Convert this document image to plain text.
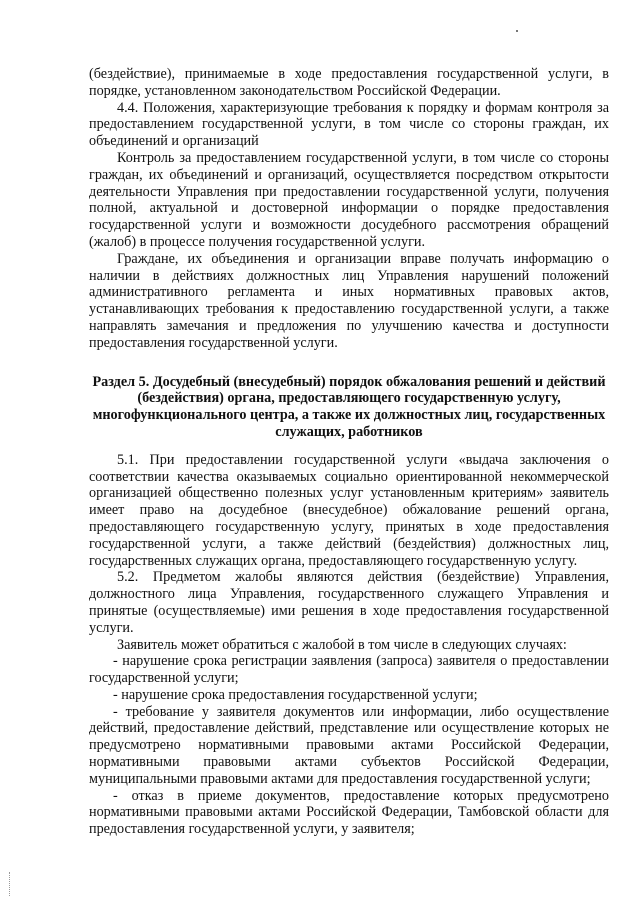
(бездействие), принимаемые в ходе предоставления государственной услуги, в порядке, установленном законодательством Российской Федерации.

4.4. Положения, характеризующие требования к порядку и формам контроля за предоставлением государственной услуги, в том числе со стороны граждан, их объединений и организаций

Контроль за предоставлением государственной услуги, в том числе со стороны граждан, их объединений и организаций, осуществляется посредством открытости деятельности Управления при предоставлении государственной услуги, получения полной, актуальной и достоверной информации о порядке предоставления государственной услуги и возможности досудебного рассмотрения обращений (жалоб) в процессе получения государственной услуги.

Граждане, их объединения и организации вправе получать информацию о наличии в действиях должностных лиц Управления нарушений положений административного регламента и иных нормативных правовых актов, устанавливающих требования к предоставлению государственной услуги, а также направлять замечания и предложения по улучшению качества и доступности предоставления государственной услуги.

Раздел 5. Досудебный (внесудебный) порядок обжалования решений и действий (бездействия) органа, предоставляющего государственную услугу, многофункционального центра, а также их должностных лиц, государственных служащих, работников

5.1. При предоставлении государственной услуги «выдача заключения о соответствии качества оказываемых социально ориентированной некоммерческой организацией общественно полезных услуг установленным критериям» заявитель имеет право на досудебное (внесудебное) обжалование решений органа, предоставляющего государственную услугу, принятых в ходе предоставления государственной услуги, а также действий (бездействия) должностных лиц, государственных служащих органа, предоставляющего государственную услугу.

5.2. Предметом жалобы являются действия (бездействие) Управления, должностного лица Управления, государственного служащего Управления и принятые (осуществляемые) ими решения в ходе предоставления государственной услуги.

Заявитель может обратиться с жалобой в том числе в следующих случаях:

- нарушение срока регистрации заявления (запроса) заявителя о предоставлении государственной услуги;

- нарушение срока предоставления государственной услуги;

- требование у заявителя документов или информации, либо осуществление действий, предоставление действий, представление или осуществление которых не предусмотрено нормативными правовыми актами Российской Федерации, нормативными правовыми актами субъектов Российской Федерации, муниципальными правовыми актами для предоставления государственной услуги;

- отказ в приеме документов, предоставление которых предусмотрено нормативными правовыми актами Российской Федерации, Тамбовской области для предоставления государственной услуги, у заявителя;
